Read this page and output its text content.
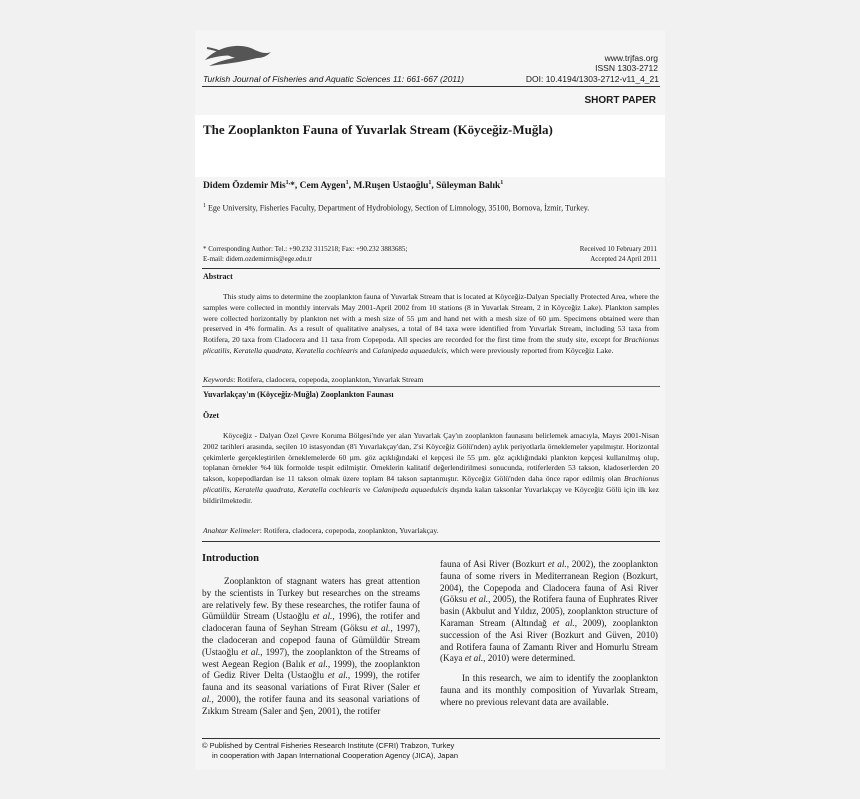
www.trjfas.org
ISSN 1303-2712
Turkish Journal of Fisheries and Aquatic Sciences 11: 661-667 (2011)	DOI: 10.4194/1303-2712-v11_4_21
SHORT PAPER
The Zooplankton Fauna of Yuvarlak Stream (Köyceğiz-Muğla)
Didem Özdemir Mis$^{1,}$*, Cem Aygen$^1$, M.Ruşen Ustaoğlu$^1$, Süleyman Balık$^1$
$^1$ Ege University, Fisheries Faculty, Department of Hydrobiology, Section of Limnology, 35100, Bornova, İzmir, Turkey.
* Corresponding Author: Tel.: +90.232 3115218; Fax: +90.232 3883685;
E-mail: didem.ozdemirmis@ege.edu.tr
Received 10 February 2011
Accepted 24 April 2011
Abstract
This study aims to determine the zooplankton fauna of Yuvarlak Stream that is located at Köyceğiz-Dalyan Specially Protected Area, where the samples were collected in monthly intervals May 2001-April 2002 from 10 stations (8 in Yuvarlak Stream, 2 in Köyceğiz Lake). Plankton samples were collected horizontally by plankton net with a mesh size of 55 µm and hand net with a mesh size of 60 µm. Specimens obtained were than preserved in 4% formalin. As a result of qualitative analyses, a total of 84 taxa were identified from Yuvarlak Stream, including 53 taxa from Rotifera, 20 taxa from Cladocera and 11 taxa from Copepoda. All species are recorded for the first time from the study site, except for Brachionus plicatilis, Keratella quadrata, Keratella cochlearis and Calanipeda aquaedulcis, which were previously reported from Köyceğiz Lake.
Keywords: Rotifera, cladocera, copepoda, zooplankton, Yuvarlak Stream
Yuvarlakçay'ın (Köyceğiz-Muğla) Zooplankton Faunası
Özet
Köyceğiz - Dalyan Özel Çevre Koruma Bölgesi'nde yer alan Yuvarlak Çay'ın zooplankton faunasını belirlemek amacıyla, Mayıs 2001-Nisan 2002 tarihleri arasında, seçilen 10 istasyondan (8'i Yuvarlakçay'dan, 2'si Köyceğiz Gölü'nden) aylık periyotlarla örneklemeler yapılmıştır. Horizontal çekimlerle gerçekleştirilen örneklemelerde 60 µm. göz açıklığındaki el kepçesi ile 55 µm. göz açıklığındaki plankton kepçesi kullanılmış olup, toplanan örnekler %4 lük formolde tespit edilmiştir. Örneklerin kalitatif değerlendirilmesi sonucunda, rotiferlerden 53 takson, kladoserlerden 20 takson, kopepodlardan ise 11 takson olmak üzere toplam 84 takson saptanmıştır. Köyceğiz Gölü'nden daha önce rapor edilmiş olan Brachionus plicatilis, Keratella quadrata, Keratella cochlearis ve Calanipeda aquaedulcis dışında kalan taksonlar Yuvarlakçay ve Köyceğiz Gölü için ilk kez bildirilmektedir.
Anahtar Kelimeler: Rotifera, cladocera, copepoda, zooplankton, Yuvarlakçay.
Introduction
Zooplankton of stagnant waters has great attention by the scientists in Turkey but researches on the streams are relatively few. By these researches, the rotifer fauna of Gümüldür Stream (Ustaoğlu et al., 1996), the rotifer and cladoceran fauna of Seyhan Stream (Göksu et al., 1997), the cladoceran and copepod fauna of Gümüldür Stream (Ustaoğlu et al., 1997), the zooplankton of the Streams of west Aegean Region (Balık et al., 1999), the zooplankton of Gediz River Delta (Ustaoğlu et al., 1999), the rotifer fauna and its seasonal variations of Fırat River (Saler et al., 2000), the rotifer fauna and its seasonal variations of Zıkkım Stream (Saler and Şen, 2001), the rotifer
fauna of Asi River (Bozkurt et al., 2002), the zooplankton fauna of some rivers in Mediterranean Region (Bozkurt, 2004), the Copepoda and Cladocera fauna of Asi River (Göksu et al., 2005), the Rotifera fauna of Euphrates River basin (Akbulut and Yıldız, 2005), zooplankton structure of Karaman Stream (Altındağ et al., 2009), zooplankton succession of the Asi River (Bozkurt and Güven, 2010) and Rotifera fauna of Zamantı River and Homurlu Stream (Kaya et al., 2010) were determined.
In this research, we aim to identify the zooplankton fauna and its monthly composition of Yuvarlak Stream, where no previous relevant data are available.
© Published by Central Fisheries Research Institute (CFRI) Trabzon, Turkey
in cooperation with Japan International Cooperation Agency (JICA), Japan
